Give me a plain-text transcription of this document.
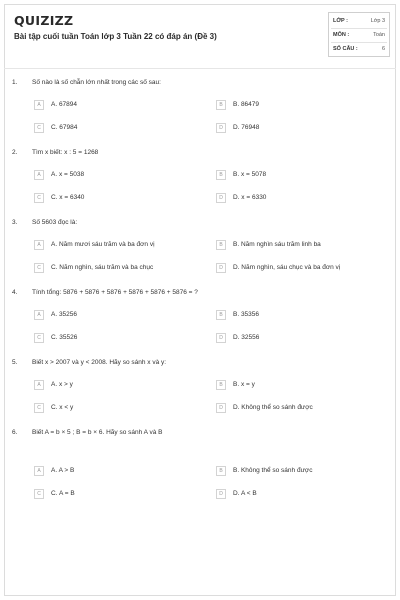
QUIZIZZ
Bài tập cuối tuần Toán lớp 3 Tuần 22 có đáp án (Đề 3)
LỚP :	Lớp 3
MÔN :	Toán
SỐ CÂU :	6
1. Số nào là số chẵn lớn nhất trong các số sau:
A	A. 67894	B	B. 86479
C	C. 67984	D	D. 76948
2. Tìm x biết: x : 5 = 1268
A	A. x = 5038	B	B. x = 5078
C	C. x = 6340	D	D. x = 6330
3. Số 5603 đọc là:
A	A. Năm mươi sáu trăm và ba đơn vị	B	B. Năm nghìn sáu trăm linh ba
C	C. Năm nghìn, sáu trăm và ba chục	D	D. Năm nghìn, sáu chục và ba đơn vị
4. Tính tổng: 5876 + 5876 + 5876 + 5876 + 5876 + 5876 = ?
A	A. 35256	B	B. 35356
C	C. 35526	D	D. 32556
5. Biết x > 2007 và y < 2008. Hãy so sánh x và y:
A	A. x > y	B	B. x = y
C	C. x < y	D	D. Không thể so sánh được
6. Biết A = b × 5 ; B = b × 6. Hãy so sánh A và B
A	A. A > B	B	B. Không thể so sánh được
C	C. A = B	D	D. A < B
